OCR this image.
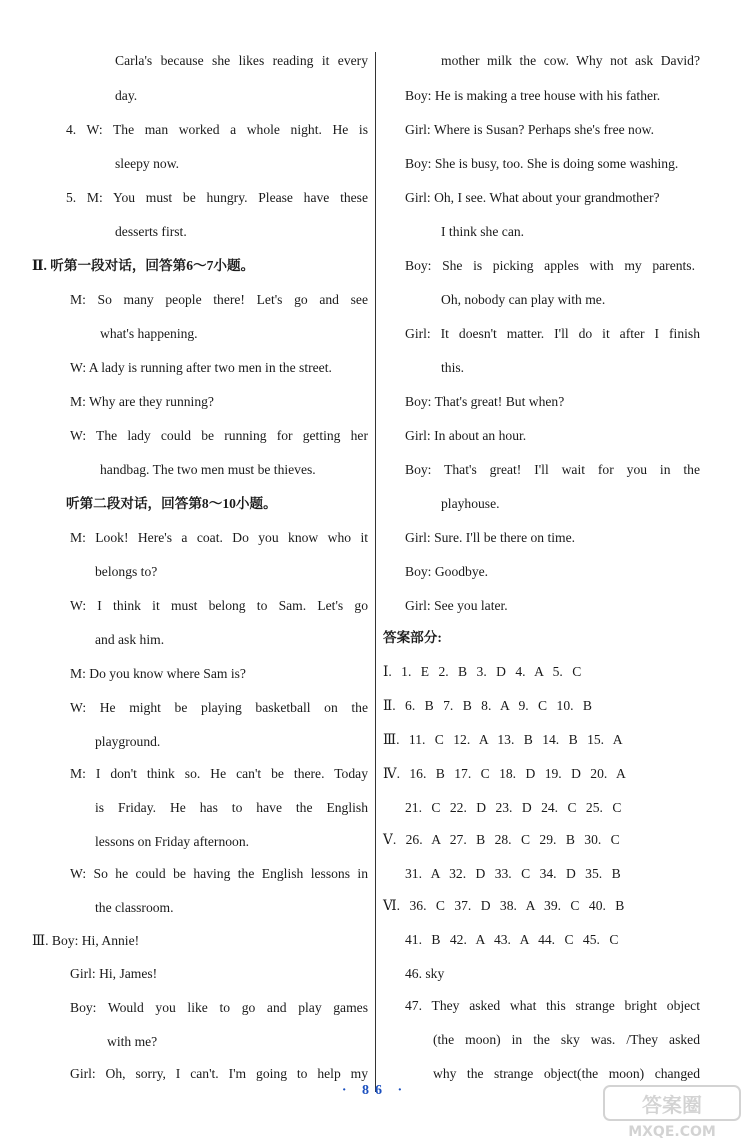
Carla's because she likes reading it every
day.
4. W: The man worked a whole night. He is
sleepy now.
5. M: You must be hungry. Please have these
desserts first.
Ⅱ. 听第一段对话，回答第6～7小题。
M: So many people there! Let's go and see
what's happening.
W: A lady is running after two men in the street.
M: Why are they running?
W: The lady could be running for getting her
handbag. The two men must be thieves.
听第二段对话，回答第8～10小题。
M: Look! Here's a coat. Do you know who it
belongs to?
W: I think it must belong to Sam. Let's go
and ask him.
M: Do you know where Sam is?
W: He might be playing basketball on the
playground.
M: I don't think so. He can't be there. Today
is Friday. He has to have the English
lessons on Friday afternoon.
W: So he could be having the English lessons in
the classroom.
Ⅲ. Boy: Hi, Annie!
Girl: Hi, James!
Boy: Would you like to go and play games
with me?
Girl: Oh, sorry, I can't. I'm going to help my
mother milk the cow. Why not ask David?
Boy: He is making a tree house with his father.
Girl: Where is Susan? Perhaps she's free now.
Boy: She is busy, too. She is doing some washing.
Girl: Oh, I see. What about your grandmother?
I think she can.
Boy: She is picking apples with my parents.
Oh, nobody can play with me.
Girl: It doesn't matter. I'll do it after I finish
this.
Boy: That's great! But when?
Girl: In about an hour.
Boy: That's great! I'll wait for you in the
playhouse.
Girl: Sure. I'll be there on time.
Boy: Goodbye.
Girl: See you later.
答案部分:
Ⅰ. 1. E 2. B 3. D 4. A 5. C
Ⅱ. 6. B 7. B 8. A 9. C 10. B
Ⅲ. 11. C 12. A 13. B 14. B 15. A
Ⅳ. 16. B 17. C 18. D 19. D 20. A
21. C 22. D 23. D 24. C 25. C
Ⅴ. 26. A 27. B 28. C 29. B 30. C
31. A 32. D 33. C 34. D 35. B
Ⅵ. 36. C 37. D 38. A 39. C 40. B
41. B 42. A 43. A 44. C 45. C
46. sky
47. They asked what this strange bright object
(the moon) in the sky was. /They asked
why the strange object(the moon) changed
· 86 ·
答案圈
MXQE.COM
